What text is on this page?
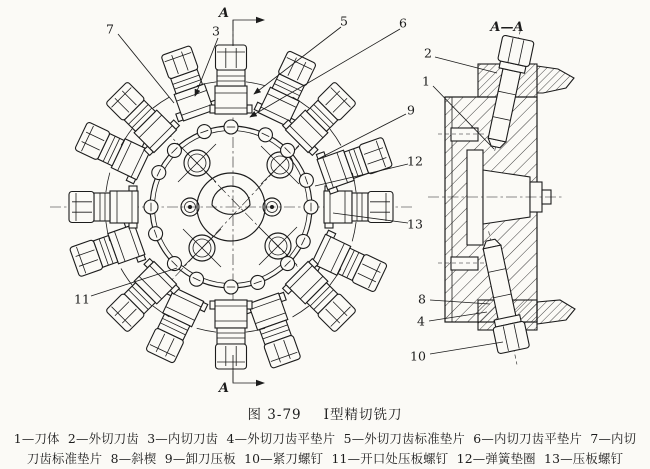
A
A
A—A
7	3
5	6
9
12
13
11
2
1
8
4
10
图 3-79 Ⅰ型精切铣刀
1—刀体  2—外切刀齿  3—内切刀齿  4—外切刀齿平垫片  5—外切刀齿标准垫片  6—内切刀齿平垫片  7—内切
刀齿标准垫片  8—斜楔  9—卸刀压板  10—紧刀螺钉  11—开口处压板螺钉  12—弹簧垫圈  13—压板螺钉
